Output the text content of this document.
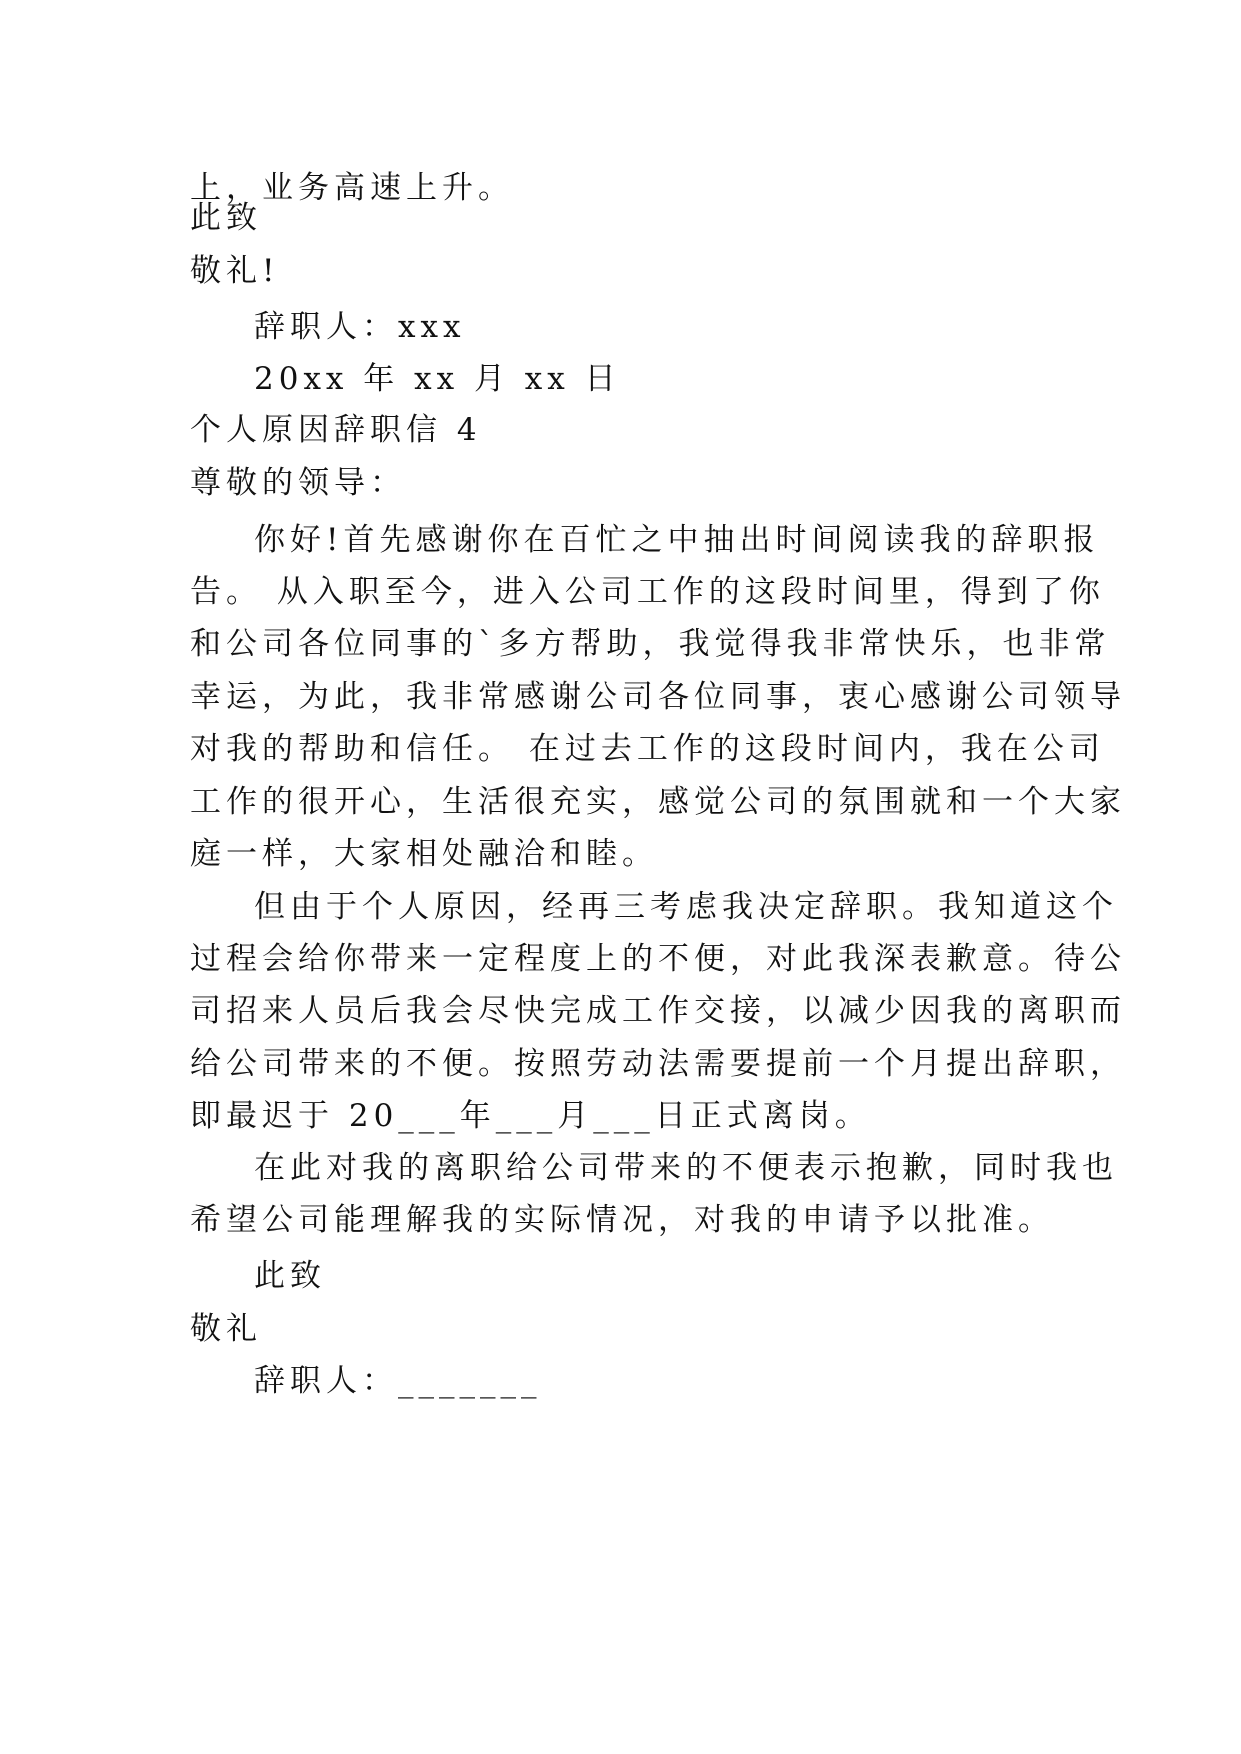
上，业务高速上升。
此致
敬礼!
辞职人：xxx
20xx 年 xx 月 xx 日
个人原因辞职信 4
尊敬的领导：
你好!首先感谢你在百忙之中抽出时间阅读我的辞职报
告。 从入职至今，进入公司工作的这段时间里，得到了你
和公司各位同事的`多方帮助，我觉得我非常快乐，也非常
幸运，为此，我非常感谢公司各位同事，衷心感谢公司领导
对我的帮助和信任。 在过去工作的这段时间内，我在公司
工作的很开心，生活很充实，感觉公司的氛围就和一个大家
庭一样，大家相处融洽和睦。
但由于个人原因，经再三考虑我决定辞职。我知道这个
过程会给你带来一定程度上的不便，对此我深表歉意。待公
司招来人员后我会尽快完成工作交接，以减少因我的离职而
给公司带来的不便。按照劳动法需要提前一个月提出辞职，
即最迟于 20___年___月___日正式离岗。
在此对我的离职给公司带来的不便表示抱歉，同时我也
希望公司能理解我的实际情况，对我的申请予以批准。
此致
敬礼
辞职人：_______
